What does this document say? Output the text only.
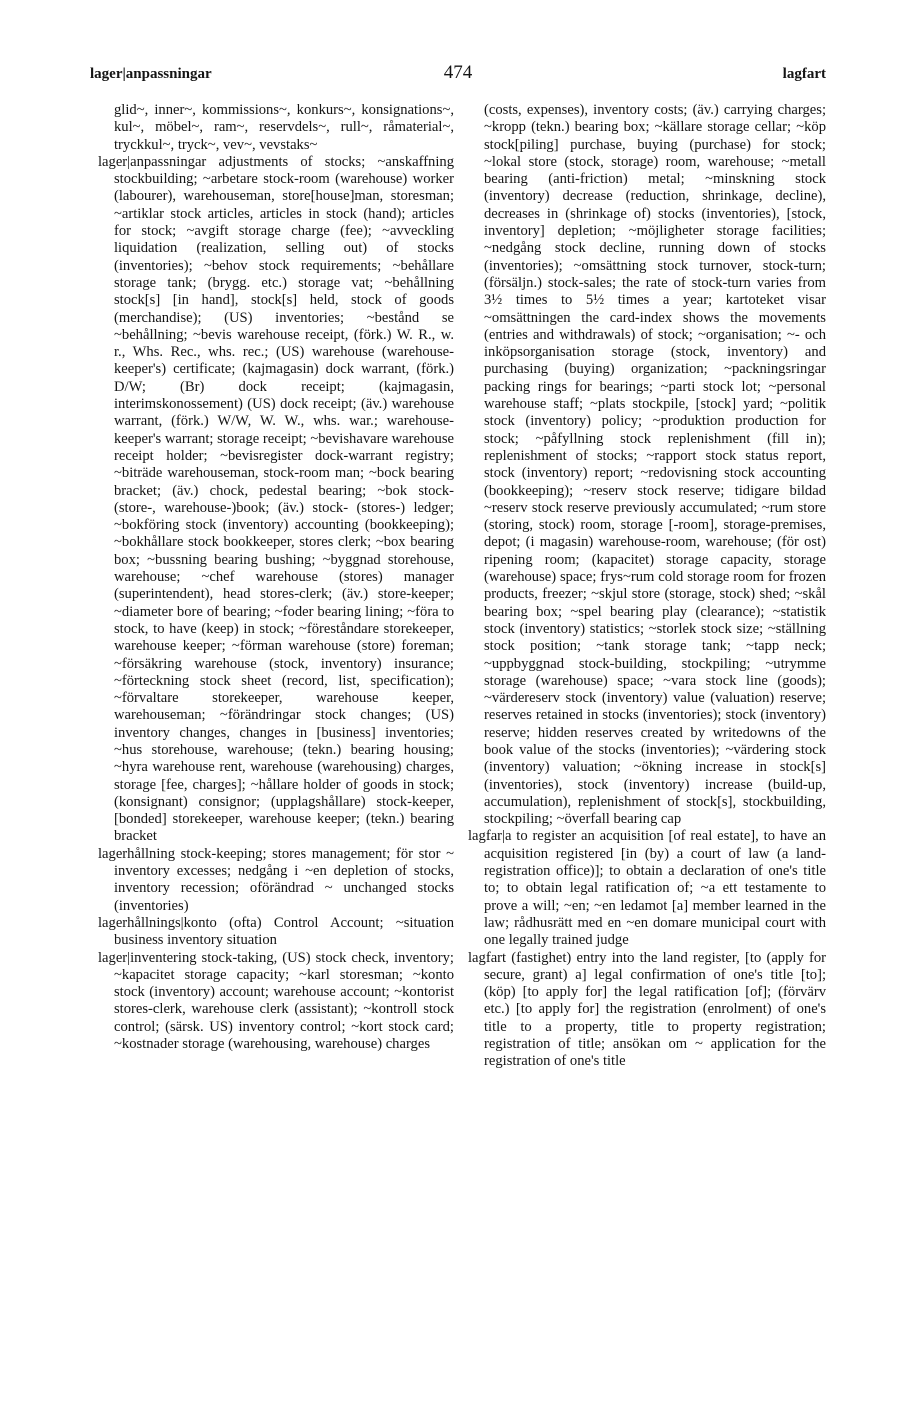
lager|anpassningar	474	lagfart

glid~, inner~, kommissions~, konkurs~, konsignations~, kul~, möbel~, ram~, reservdels~, rull~, råmaterial~, tryckkul~, tryck~, vev~, vevstaks~

lager|anpassningar adjustments of stocks; ~anskaffning stockbuilding; ~arbetare stock-room (warehouse) worker (labourer), warehouseman, store[house]man, storesman; ~artiklar stock articles, articles in stock (hand); articles for stock; ~avgift storage charge (fee); ~avveckling liquidation (realization, selling out) of stocks (inventories); ~behov stock requirements; ~behållare storage tank; (brygg. etc.) storage vat; ~behållning stock[s] [in hand], stock[s] held, stock of goods (merchandise); (US) inventories; ~bestånd se ~behållning; ~bevis warehouse receipt, (förk.) W. R., w. r., Whs. Rec., whs. rec.; (US) warehouse (warehouse-keeper's) certificate; (kajmagasin) dock warrant, (förk.) D/W; (Br) dock receipt; (kajmagasin, interimskonossement) (US) dock receipt; (äv.) warehouse warrant, (förk.) W/W, W. W., whs. war.; warehouse-keeper's warrant; storage receipt; ~bevishavare warehouse receipt holder; ~bevisregister dock-warrant registry; ~biträde warehouseman, stock-room man; ~bock bearing bracket; (äv.) chock, pedestal bearing; ~bok stock- (store-, warehouse-)book; (äv.) stock- (stores-) ledger; ~bokföring stock (inventory) accounting (bookkeeping); ~bokhållare stock bookkeeper, stores clerk; ~box bearing box; ~bussning bearing bushing; ~byggnad storehouse, warehouse; ~chef warehouse (stores) manager (superintendent), head stores-clerk; (äv.) store-keeper; ~diameter bore of bearing; ~foder bearing lining; ~föra to stock, to have (keep) in stock; ~föreståndare storekeeper, warehouse keeper; ~förman warehouse (store) foreman; ~försäkring warehouse (stock, inventory) insurance; ~förteckning stock sheet (record, list, specification); ~förvaltare storekeeper, warehouse keeper, warehouseman; ~förändringar stock changes; (US) inventory changes, changes in [business] inventories; ~hus storehouse, warehouse; (tekn.) bearing housing; ~hyra warehouse rent, warehouse (warehousing) charges, storage [fee, charges]; ~hållare holder of goods in stock; (konsignant) consignor; (upplagshållare) stock-keeper, [bonded] storekeeper, warehouse keeper; (tekn.) bearing bracket

lagerhållning stock-keeping; stores management; för stor ~ inventory excesses; nedgång i ~en depletion of stocks, inventory recession; oförändrad ~ unchanged stocks (inventories)

lagerhållnings|konto (ofta) Control Account; ~situation business inventory situation

lager|inventering stock-taking, (US) stock check, inventory; ~kapacitet storage capacity; ~karl storesman; ~konto stock (inventory) account; warehouse account; ~kontorist stores-clerk, warehouse clerk (assistant); ~kontroll stock control; (särsk. US) inventory control; ~kort stock card; ~kostnader storage (warehousing, warehouse) charges

(costs, expenses), inventory costs; (äv.) carrying charges; ~kropp (tekn.) bearing box; ~källare storage cellar; ~köp stock[piling] purchase, buying (purchase) for stock; ~lokal store (stock, storage) room, warehouse; ~metall bearing (anti-friction) metal; ~minskning stock (inventory) decrease (reduction, shrinkage, decline), decreases in (shrinkage of) stocks (inventories), [stock, inventory] depletion; ~möjligheter storage facilities; ~nedgång stock decline, running down of stocks (inventories); ~omsättning stock turnover, stock-turn; (försäljn.) stock-sales; the rate of stock-turn varies from 3½ times to 5½ times a year; kartoteket visar ~omsättningen the card-index shows the movements (entries and withdrawals) of stock; ~organisation; ~- och inköpsorganisation storage (stock, inventory) and purchasing (buying) organization; ~packningsringar packing rings for bearings; ~parti stock lot; ~personal warehouse staff; ~plats stockpile, [stock] yard; ~politik stock (inventory) policy; ~produktion production for stock; ~påfyllning stock replenishment (fill in); replenishment of stocks; ~rapport stock status report, stock (inventory) report; ~redovisning stock accounting (bookkeeping); ~reserv stock reserve; tidigare bildad ~reserv stock reserve previously accumulated; ~rum store (storing, stock) room, storage [-room], storage-premises, depot; (i magasin) warehouse-room, warehouse; (för ost) ripening room; (kapacitet) storage capacity, storage (warehouse) space; frys~rum cold storage room for frozen products, freezer; ~skjul store (storage, stock) shed; ~skål bearing box; ~spel bearing play (clearance); ~statistik stock (inventory) statistics; ~storlek stock size; ~ställning stock position; ~tank storage tank; ~tapp neck; ~uppbyggnad stock-building, stockpiling; ~utrymme storage (warehouse) space; ~vara stock line (goods); ~värdereserv stock (inventory) value (valuation) reserve; reserves retained in stocks (inventories); stock (inventory) reserve; hidden reserves created by writedowns of the book value of the stocks (inventories); ~värdering stock (inventory) valuation; ~ökning increase in stock[s] (inventories), stock (inventory) increase (build-up, accumulation), replenishment of stock[s], stockbuilding, stockpiling; ~överfall bearing cap

lagfar|a to register an acquisition [of real estate], to have an acquisition registered [in (by) a court of law (a land-registration office)]; to obtain a declaration of one's title to; to obtain legal ratification of; ~a ett testamente to prove a will; ~en; ~en ledamot [a] member learned in the law; rådhusrätt med en ~en domare municipal court with one legally trained judge

lagfart (fastighet) entry into the land register, [to (apply for secure, grant) a] legal confirmation of one's title [to]; (köp) [to apply for] the legal ratification [of]; (förvärv etc.) [to apply for] the registration (enrolment) of one's title to a property, title to property registration; registration of title; ansökan om ~ application for the registration of one's title
